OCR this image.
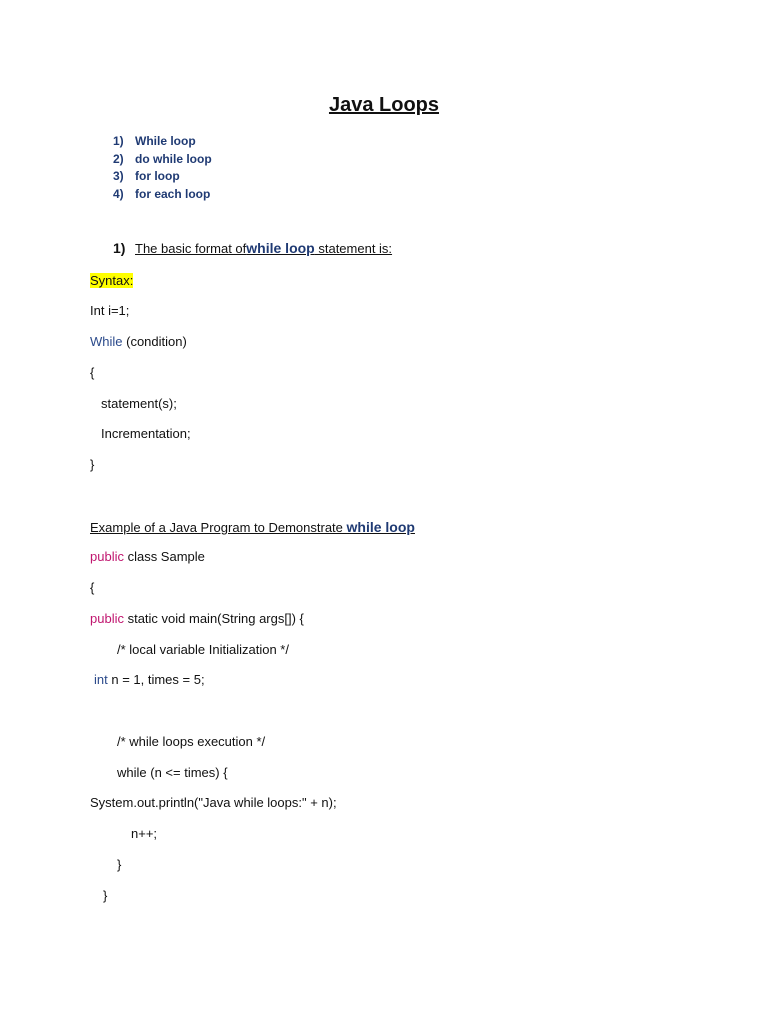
Java Loops
1) While loop
2) do while loop
3) for loop
4) for each loop
1) The basic format ofwhile loop statement is:
Syntax:
Int i=1;
While (condition)
{
statement(s);
Incrementation;
}
Example of a Java Program to Demonstrate while loop
public class Sample
{
public static void main(String args[]) {
/* local variable Initialization */
int n = 1, times = 5;
/* while loops execution */
while (n <= times) {
System.out.println("Java while loops:" + n);
n++;
}
}
